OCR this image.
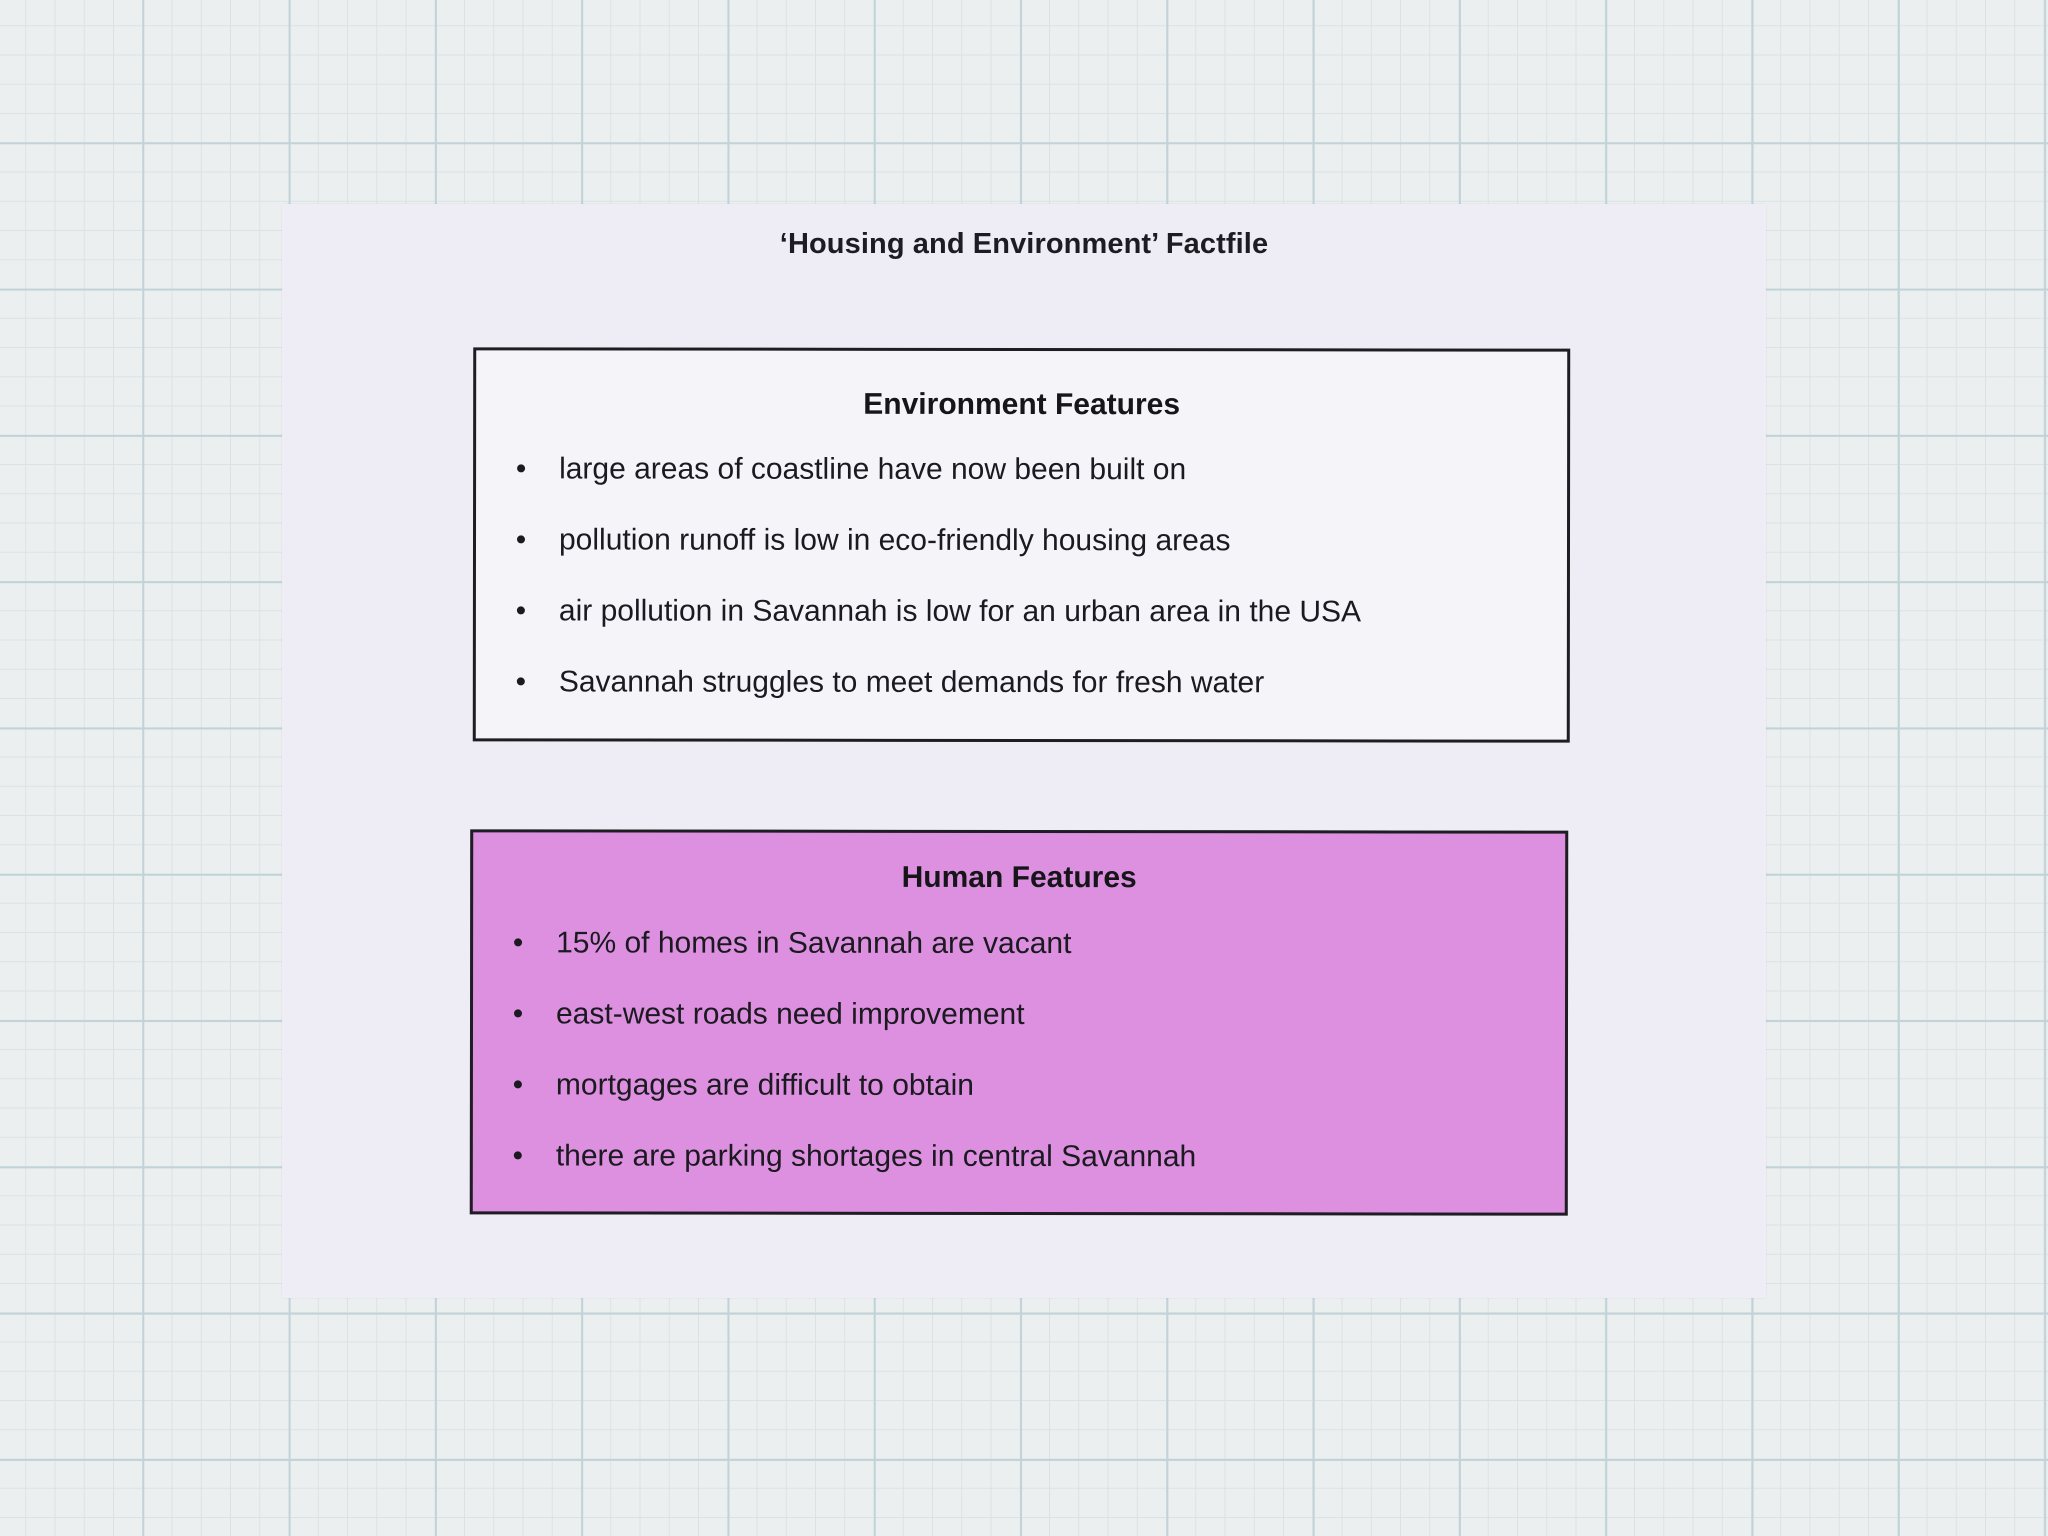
‘Housing and Environment’ Factfile
Environment Features
large areas of coastline have now been built on
pollution runoff is low in eco-friendly housing areas
air pollution in Savannah is low for an urban area in the USA
Savannah struggles to meet demands for fresh water
Human Features
15% of homes in Savannah are vacant
east-west roads need improvement
mortgages are difficult to obtain
there are parking shortages in central Savannah
